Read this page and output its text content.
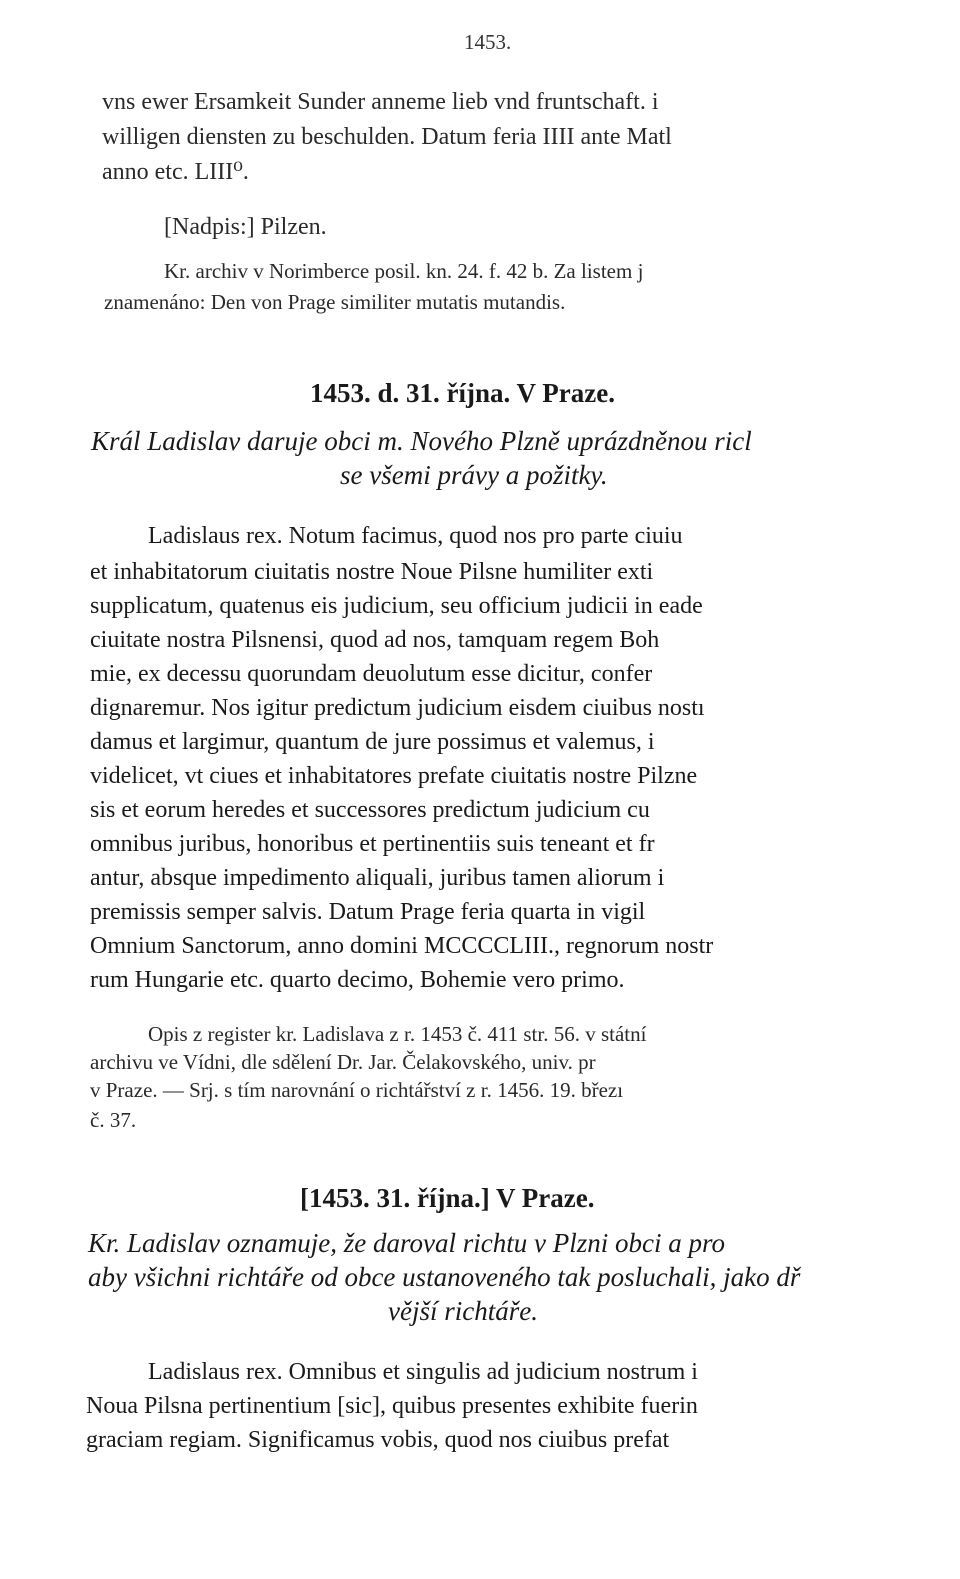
1453.
vns ewer Ersamkeit Sunder anneme lieb vnd fruntschaft. i
willigen diensten zu beschulden. Datum feria IIII ante Matl
anno etc. LIII⁰.
[Nadpis:] Pilzen.
Kr. archiv v Norimberce posil. kn. 24. f. 42 b. Za listem j
znamenáno: Den von Prage similiter mutatis mutandis.
1453. d. 31. října. V Praze.
Král Ladislav daruje obci m. Nového Plzně uprázdněnou ricl
se všemi právy a požitky.
Ladislaus rex. Notum facimus, quod nos pro parte ciuiu
et inhabitatorum ciuitatis nostre Noue Pilsne humiliter exti
supplicatum, quatenus eis judicium, seu officium judicii in eade
ciuitate nostra Pilsnensi, quod ad nos, tamquam regem Boh
mie, ex decessu quorundam deuolutum esse dicitur, confer
dignaremur. Nos igitur predictum judicium eisdem ciuibus nostı
damus et largimur, quantum de jure possimus et valemus, i
videlicet, vt ciues et inhabitatores prefate ciuitatis nostre Pilzne
sis et eorum heredes et successores predictum judicium cu
omnibus juribus, honoribus et pertinentiis suis teneant et fr
antur, absque impedimento aliquali, juribus tamen aliorum i
premissis semper salvis. Datum Prage feria quarta in vigil
Omnium Sanctorum, anno domini MCCCCLIII., regnorum nostr
rum Hungarie etc. quarto decimo, Bohemie vero primo.
Opis z register kr. Ladislava z r. 1453 č. 411 str. 56. v státní
archivu ve Vídni, dle sdělení Dr. Jar. Čelakovského, univ. pr
v Praze. — Srj. s tím narovnání o richtářství z r. 1456. 19. březı
č. 37.
[1453. 31. října.] V Praze.
Kr. Ladislav oznamuje, že daroval richtu v Plzni obci a pro
aby všichni richtáře od obce ustanoveného tak posluchali, jako dř
vější richtáře.
Ladislaus rex. Omnibus et singulis ad judicium nostrum i
Noua Pilsna pertinentium [sic], quibus presentes exhibite fuerin
graciam regiam. Significamus vobis, quod nos ciuibus prefat
